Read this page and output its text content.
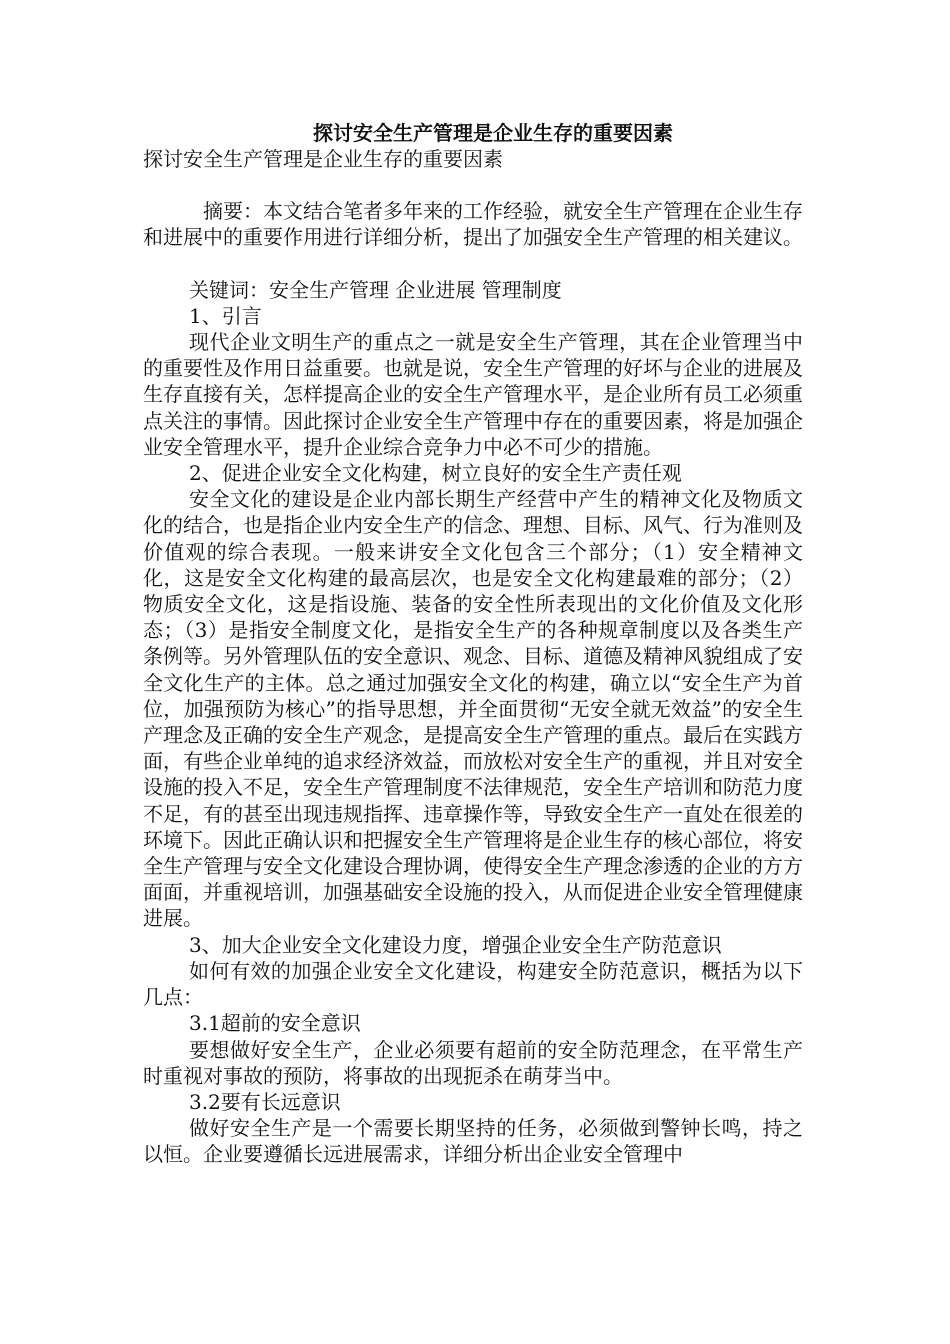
探讨安全生产管理是企业生存的重要因素

探讨安全生产管理是企业生存的重要因素

摘要：本文结合笔者多年来的工作经验，就安全生产管理在企业生存和进展中的重要作用进行详细分析，提出了加强安全生产管理的相关建议。

关键词：安全生产管理 企业进展 管理制度

1、引言

现代企业文明生产的重点之一就是安全生产管理，其在企业管理当中的重要性及作用日益重要。也就是说，安全生产管理的好坏与企业的进展及生存直接有关，怎样提高企业的安全生产管理水平，是企业所有员工必须重点关注的事情。因此探讨企业安全生产管理中存在的重要因素，将是加强企业安全管理水平，提升企业综合竞争力中必不可少的措施。

2、促进企业安全文化构建，树立良好的安全生产责任观

安全文化的建设是企业内部长期生产经营中产生的精神文化及物质文化的结合，也是指企业内安全生产的信念、理想、目标、风气、行为准则及价值观的综合表现。一般来讲安全文化包含三个部分；（1）安全精神文化，这是安全文化构建的最高层次，也是安全文化构建最难的部分；（2）物质安全文化，这是指设施、装备的安全性所表现出的文化价值及文化形态；（3）是指安全制度文化，是指安全生产的各种规章制度以及各类生产条例等。另外管理队伍的安全意识、观念、目标、道德及精神风貌组成了安全文化生产的主体。总之通过加强安全文化的构建，确立以“安全生产为首位，加强预防为核心”的指导思想，并全面贯彻“无安全就无效益”的安全生产理念及正确的安全生产观念，是提高安全生产管理的重点。最后在实践方面，有些企业单纯的追求经济效益，而放松对安全生产的重视，并且对安全设施的投入不足，安全生产管理制度不法律规范，安全生产培训和防范力度不足，有的甚至出现违规指挥、违章操作等，导致安全生产一直处在很差的环境下。因此正确认识和把握安全生产管理将是企业生存的核心部位，将安全生产管理与安全文化建设合理协调，使得安全生产理念渗透的企业的方方面面，并重视培训，加强基础安全设施的投入，从而促进企业安全管理健康进展。

3、加大企业安全文化建设力度，增强企业安全生产防范意识

如何有效的加强企业安全文化建设，构建安全防范意识，概括为以下几点：

3.1超前的安全意识

要想做好安全生产，企业必须要有超前的安全防范理念，在平常生产时重视对事故的预防，将事故的出现扼杀在萌芽当中。

3.2要有长远意识

做好安全生产是一个需要长期坚持的任务，必须做到警钟长鸣，持之以恒。企业要遵循长远进展需求，详细分析出企业安全管理中
